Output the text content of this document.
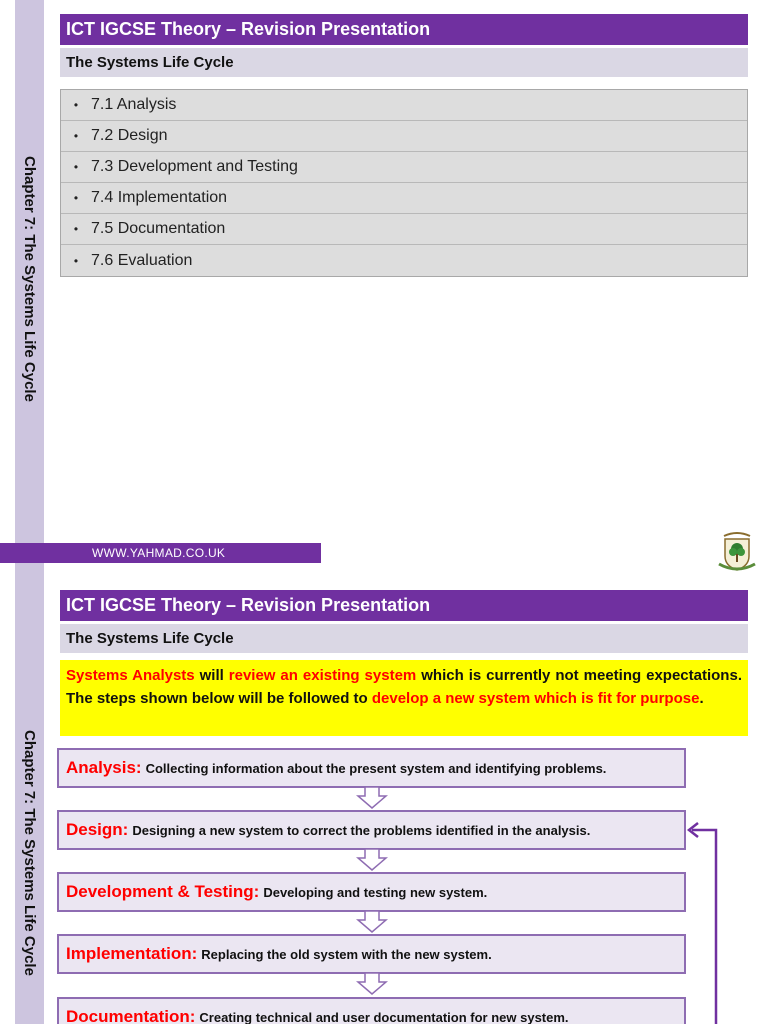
Chapter 7: The Systems Life Cycle
ICT IGCSE Theory – Revision Presentation
The Systems Life Cycle
• 7.1 Analysis
• 7.2 Design
• 7.3 Development and Testing
• 7.4 Implementation
• 7.5 Documentation
• 7.6 Evaluation
WWW.YAHMAD.CO.UK
Chapter 7: The Systems Life Cycle
ICT IGCSE Theory – Revision Presentation
The Systems Life Cycle
Systems Analysts will review an existing system which is currently not meeting expectations. The steps shown below will be followed to develop a new system which is fit for purpose.
Analysis: Collecting information about the present system and identifying problems.
Design: Designing a new system to correct the problems identified in the analysis.
Development & Testing: Developing and testing new system.
Implementation: Replacing the old system with the new system.
Documentation: Creating technical and user documentation for new system.
